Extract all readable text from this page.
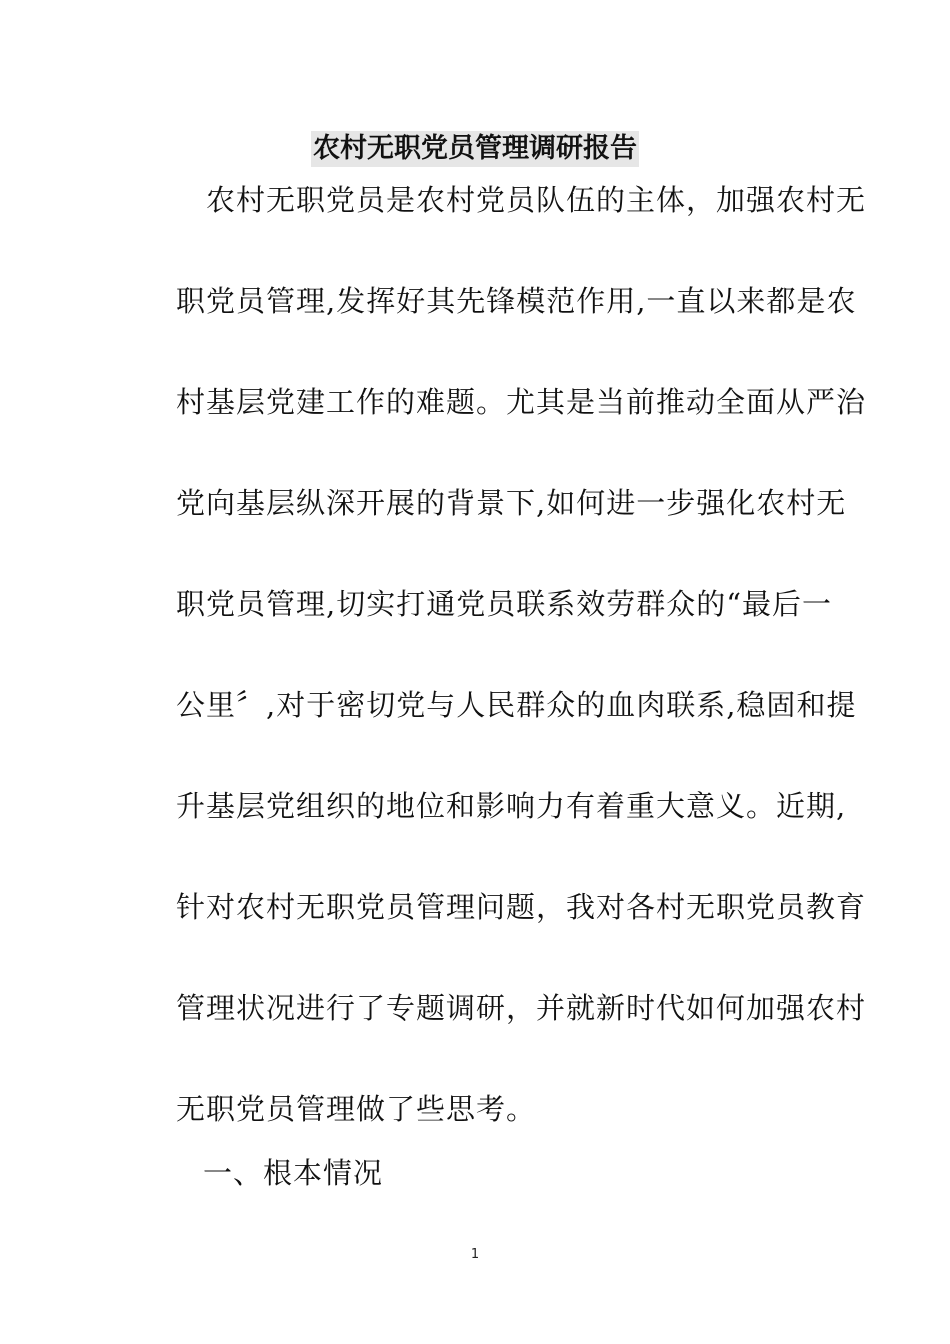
农村无职党员管理调研报告
农村无职党员是农村党员队伍的主体，加强农村无
职党员管理,发挥好其先锋模范作用,一直以来都是农
村基层党建工作的难题。尤其是当前推动全面从严治
党向基层纵深开展的背景下,如何进一步强化农村无
职党员管理,切实打通党员联系效劳群众的“最后一
公里〞,对于密切党与人民群众的血肉联系,稳固和提
升基层党组织的地位和影响力有着重大意义。近期,
针对农村无职党员管理问题，我对各村无职党员教育
管理状况进行了专题调研，并就新时代如何加强农村
无职党员管理做了些思考。
一、根本情况
1
